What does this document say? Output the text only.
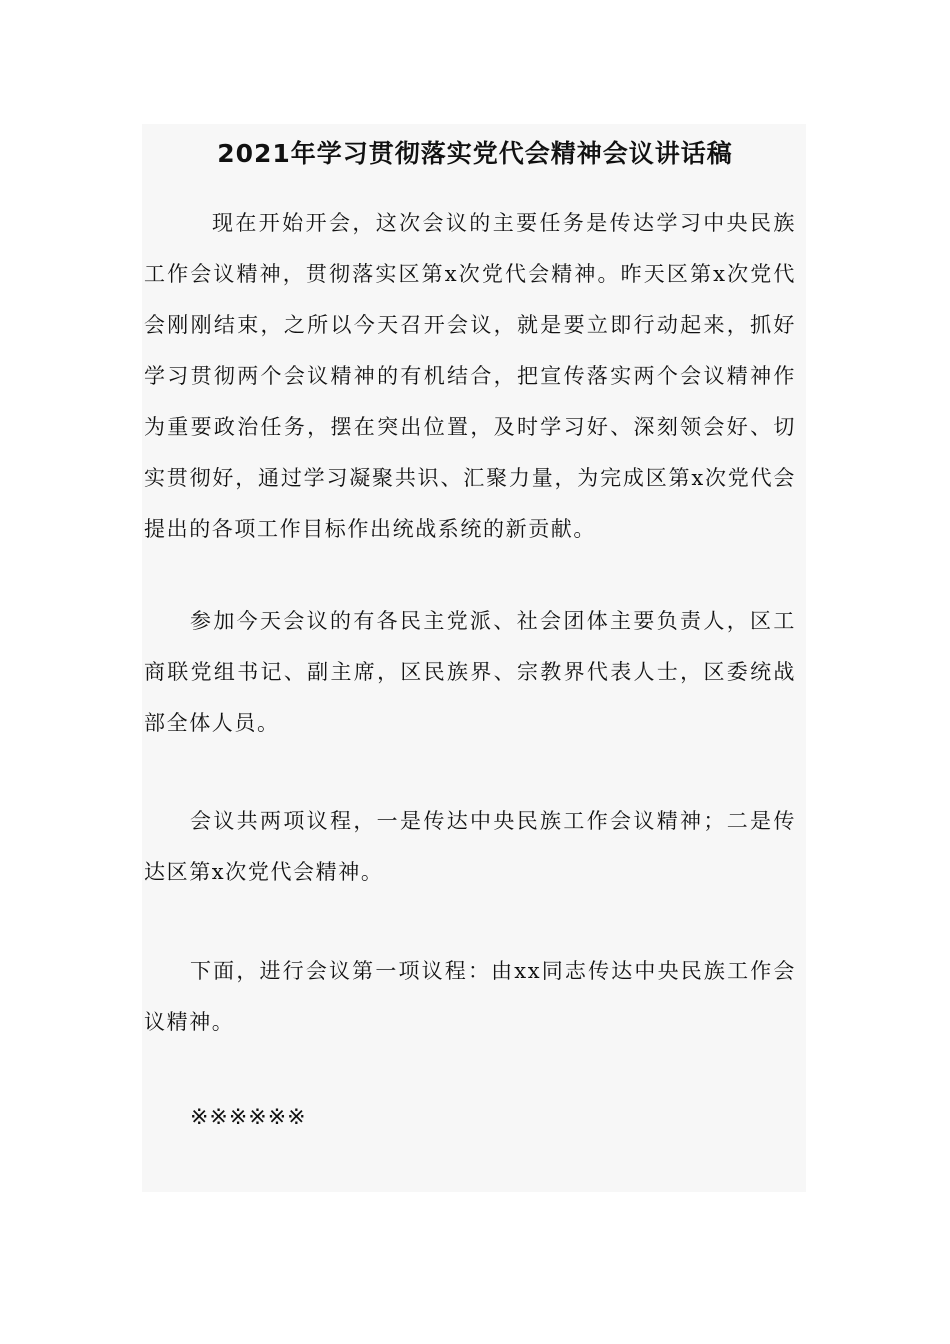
2021年学习贯彻落实党代会精神会议讲话稿

现在开始开会，这次会议的主要任务是传达学习中央民族工作会议精神，贯彻落实区第x次党代会精神。昨天区第x次党代会刚刚结束，之所以今天召开会议，就是要立即行动起来，抓好学习贯彻两个会议精神的有机结合，把宣传落实两个会议精神作为重要政治任务，摆在突出位置，及时学习好、深刻领会好、切实贯彻好，通过学习凝聚共识、汇聚力量，为完成区第x次党代会提出的各项工作目标作出统战系统的新贡献。

参加今天会议的有各民主党派、社会团体主要负责人，区工商联党组书记、副主席，区民族界、宗教界代表人士，区委统战部全体人员。

会议共两项议程，一是传达中央民族工作会议精神；二是传达区第x次党代会精神。

下面，进行会议第一项议程：由xx同志传达中央民族工作会议精神。

※※※※※※
